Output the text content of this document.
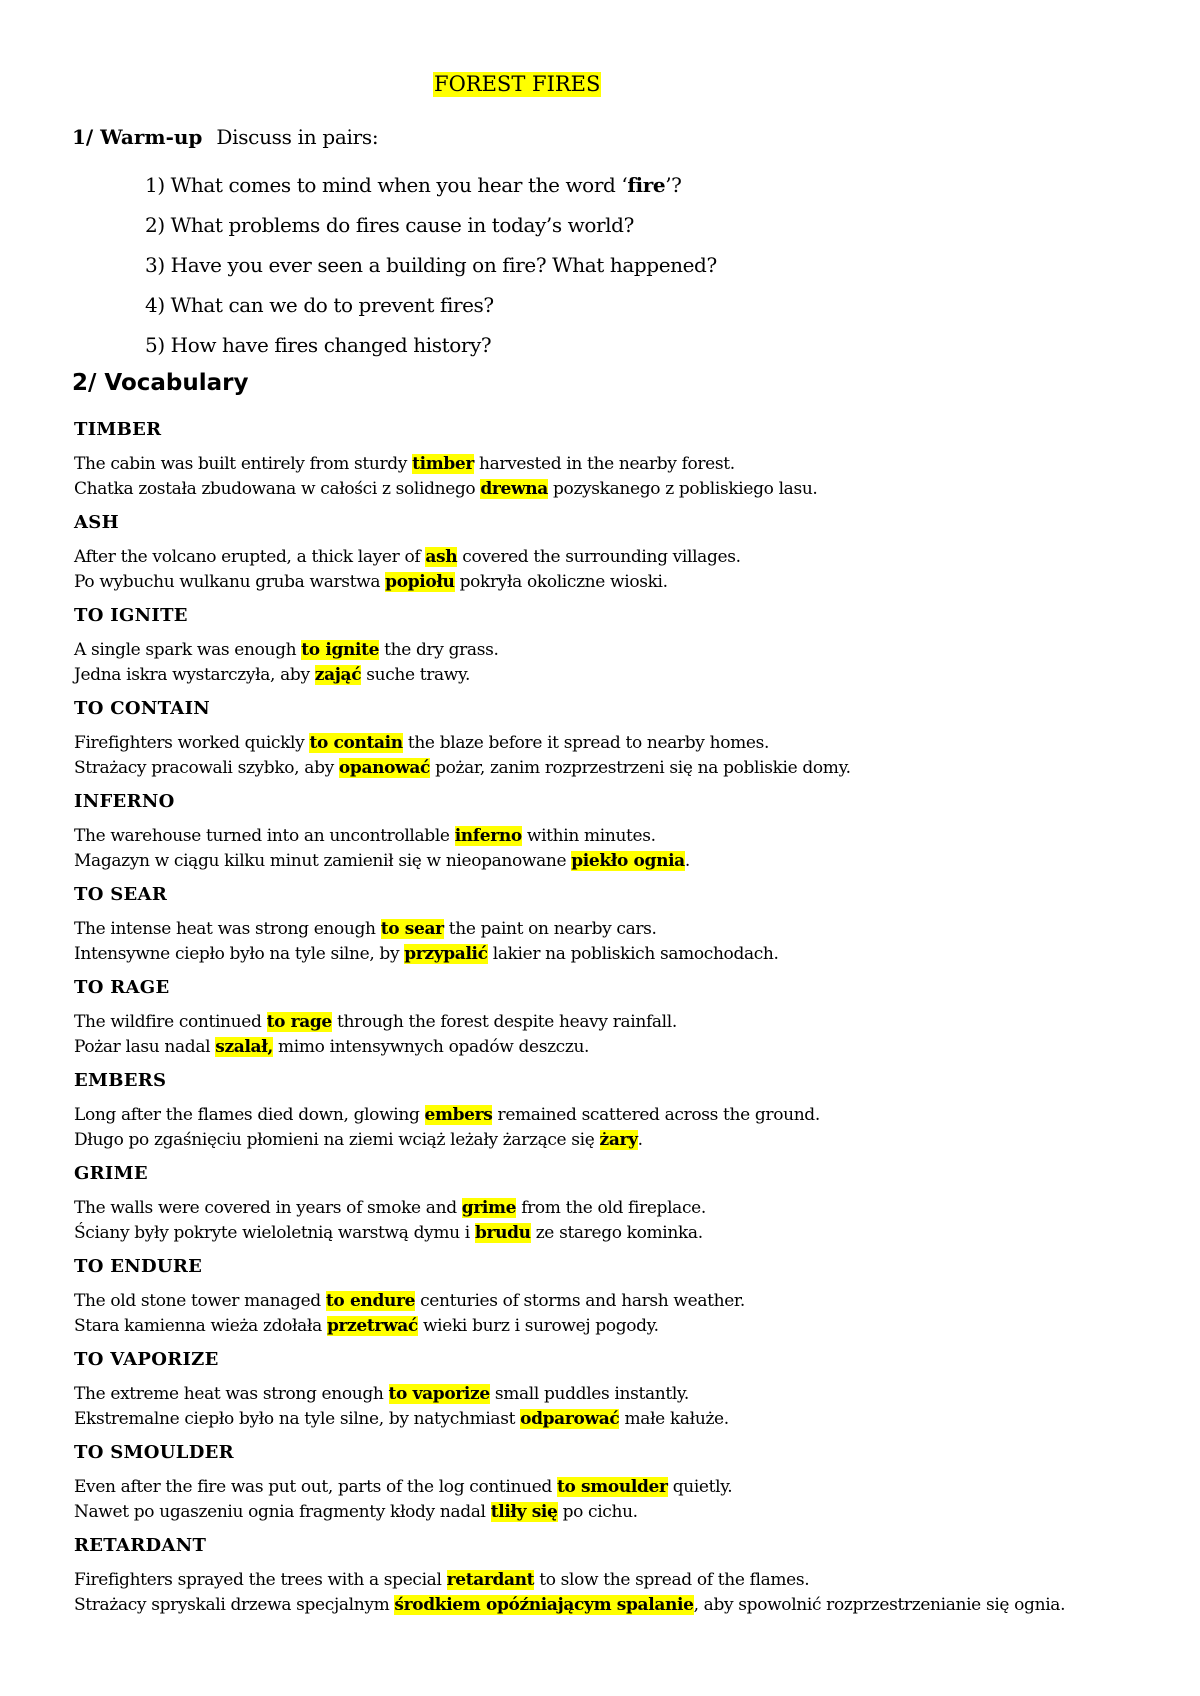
FOREST FIRES
1/ Warm-up Discuss in pairs:
1) What comes to mind when you hear the word ‘fire’?
2) What problems do fires cause in today’s world?
3) Have you ever seen a building on fire? What happened?
4) What can we do to prevent fires?
5) How have fires changed history?
2/ Vocabulary
TIMBER
The cabin was built entirely from sturdy timber harvested in the nearby forest.
Chatka została zbudowana w całości z solidnego drewna pozyskanego z pobliskiego lasu.
ASH
After the volcano erupted, a thick layer of ash covered the surrounding villages.
Po wybuchu wulkanu gruba warstwa popiołu pokryła okoliczne wioski.
TO IGNITE
A single spark was enough to ignite the dry grass.
Jedna iskra wystarczyła, aby zająć suche trawy.
TO CONTAIN
Firefighters worked quickly to contain the blaze before it spread to nearby homes.
Strażacy pracowali szybko, aby opanować pożar, zanim rozprzestrzeni się na pobliskie domy.
INFERNO
The warehouse turned into an uncontrollable inferno within minutes.
Magazyn w ciągu kilku minut zamienił się w nieopanowane piekło ognia.
TO SEAR
The intense heat was strong enough to sear the paint on nearby cars.
Intensywne ciepło było na tyle silne, by przypalić lakier na pobliskich samochodach.
TO RAGE
The wildfire continued to rage through the forest despite heavy rainfall.
Pożar lasu nadal szalał, mimo intensywnych opadów deszczu.
EMBERS
Long after the flames died down, glowing embers remained scattered across the ground.
Długo po zgaśnięciu płomieni na ziemi wciąż leżały żarzące się żary.
GRIME
The walls were covered in years of smoke and grime from the old fireplace.
Ściany były pokryte wieloletnią warstwą dymu i brudu ze starego kominka.
TO ENDURE
The old stone tower managed to endure centuries of storms and harsh weather.
Stara kamienna wieża zdołała przetrwać wieki burz i surowej pogody.
TO VAPORIZE
The extreme heat was strong enough to vaporize small puddles instantly.
Ekstremalne ciepło było na tyle silne, by natychmiast odparować małe kałuże.
TO SMOULDER
Even after the fire was put out, parts of the log continued to smoulder quietly.
Nawet po ugaszeniu ognia fragmenty kłody nadal tliły się po cichu.
RETARDANT
Firefighters sprayed the trees with a special retardant to slow the spread of the flames.
Strażacy spryskali drzewa specjalnym środkiem opóźniającym spalanie, aby spowolnić rozprzestrzenianie się ognia.
